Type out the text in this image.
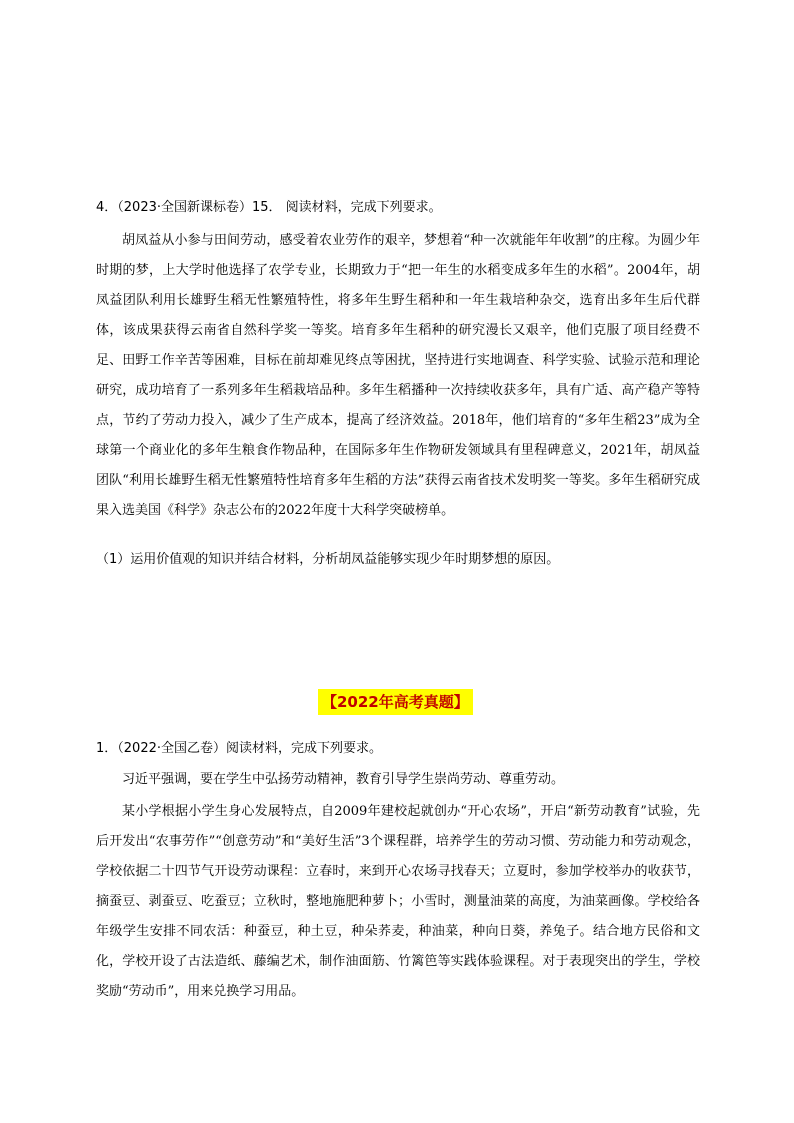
4．（2023·全国新课标卷）15． 阅读材料，完成下列要求。
胡凤益从小参与田间劳动，感受着农业劳作的艰辛，梦想着“种一次就能年年收割”的庄稼。为圆少年时期的梦，上大学时他选择了农学专业，长期致力于“把一年生的水稻变成多年生的水稻”。2004年，胡凤益团队利用长雄野生稻无性繁殖特性，将多年生野生稻种和一年生栽培种杂交，选育出多年生后代群体，该成果获得云南省自然科学奖一等奖。培育多年生稻种的研究漫长又艰辛，他们克服了项目经费不足、田野工作辛苦等困难，目标在前却难见终点等困扰，坚持进行实地调查、科学实验、试验示范和理论研究，成功培育了一系列多年生稻栽培品种。多年生稻播种一次持续收获多年，具有广适、高产稳产等特点，节约了劳动力投入，减少了生产成本，提高了经济效益。2018年，他们培育的“多年生稻23”成为全球第一个商业化的多年生粮食作物品种，在国际多年生作物研发领域具有里程碑意义，2021年，胡凤益团队“利用长雄野生稻无性繁殖特性培育多年生稻的方法”获得云南省技术发明奖一等奖。多年生稻研究成果入选美国《科学》杂志公布的2022年度十大科学突破榜单。
（1）运用价值观的知识并结合材料，分析胡凤益能够实现少年时期梦想的原因。
【2022年高考真题】
1．（2022·全国乙卷）阅读材料，完成下列要求。
习近平强调，要在学生中弘扬劳动精神，教育引导学生崇尚劳动、尊重劳动。
某小学根据小学生身心发展特点，自2009年建校起就创办“开心农场”，开启“新劳动教育”试验，先后开发出“农事劳作”“创意劳动”和“美好生活”3个课程群，培养学生的劳动习惯、劳动能力和劳动观念，学校依据二十四节气开设劳动课程：立春时，来到开心农场寻找春天；立夏时，参加学校举办的收获节，摘蚕豆、剥蚕豆、吃蚕豆；立秋时，整地施肥种萝卜；小雪时，测量油菜的高度，为油菜画像。学校给各年级学生安排不同农活：种蚕豆，种土豆，种朵荞麦，种油菜，种向日葵，养兔子。结合地方民俗和文化，学校开设了古法造纸、藤编艺术，制作油面筋、竹篱笆等实践体验课程。对于表现突出的学生，学校奖励“劳动币”，用来兑换学习用品。
